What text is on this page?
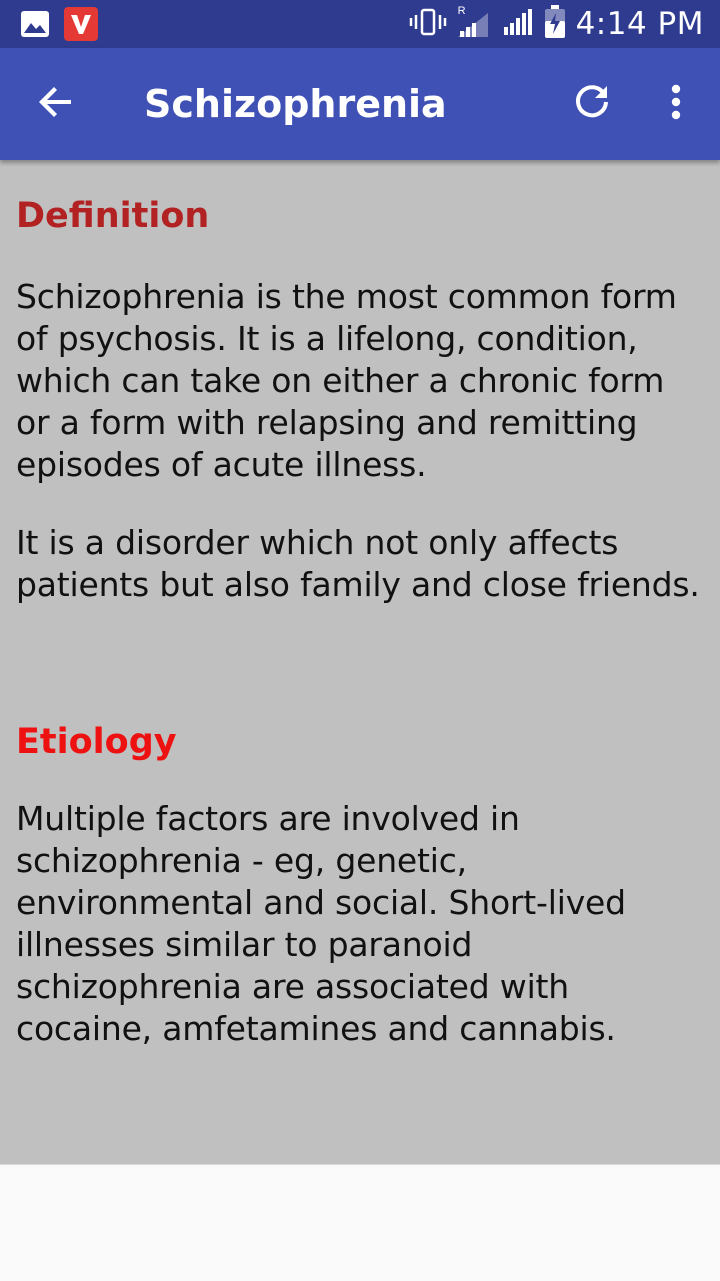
R	4:14 PM
Schizophrenia
Definition

Schizophrenia is the most common form of psychosis. It is a lifelong, condition, which can take on either a chronic form or a form with relapsing and remitting episodes of acute illness.

It is a disorder which not only affects patients but also family and close friends.

Etiology

Multiple factors are involved in schizophrenia - eg, genetic, environmental and social. Short-lived illnesses similar to paranoid schizophrenia are associated with cocaine, amfetamines and cannabis.
